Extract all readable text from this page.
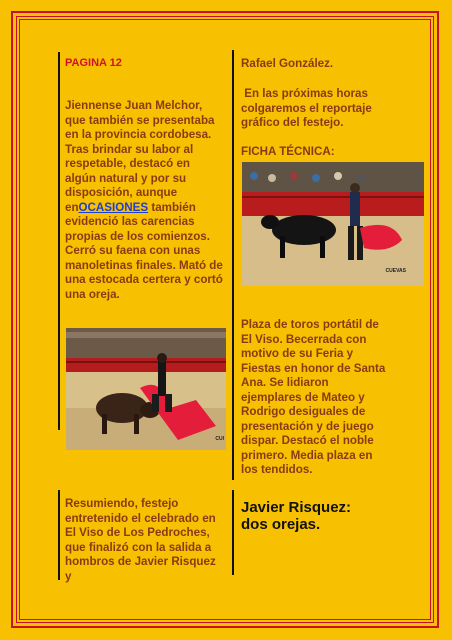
PAGINA 12
Jiennense Juan Melchor, que también se presentaba en la provincia cordobesa. Tras brindar su labor al respetable, destacó en algún natural y por su disposición, aunque enOCASIONES también evidenció las carencias propias de los comienzos. Cerró su faena con unas manoletinas finales. Mató de una estocada certera y cortó una oreja.
CUI
Resumiendo, festejo entretenido el celebrado en El Viso de Los Pedroches, que finalizó con la salida a hombros de Javier Risquez y
Rafael González.
En las próximas horas colgaremos el reportaje gráfico del festejo.
FICHA TÉCNICA:
CUEVAS
Plaza de toros portátil de El Viso. Becerrada con motivo de su Feria y Fiestas en honor de Santa Ana. Se lidiaron ejemplares de Mateo y Rodrigo desiguales de presentación y de juego dispar. Destacó el noble primero. Media plaza en los tendidos.
Javier Risquez:
dos orejas.
